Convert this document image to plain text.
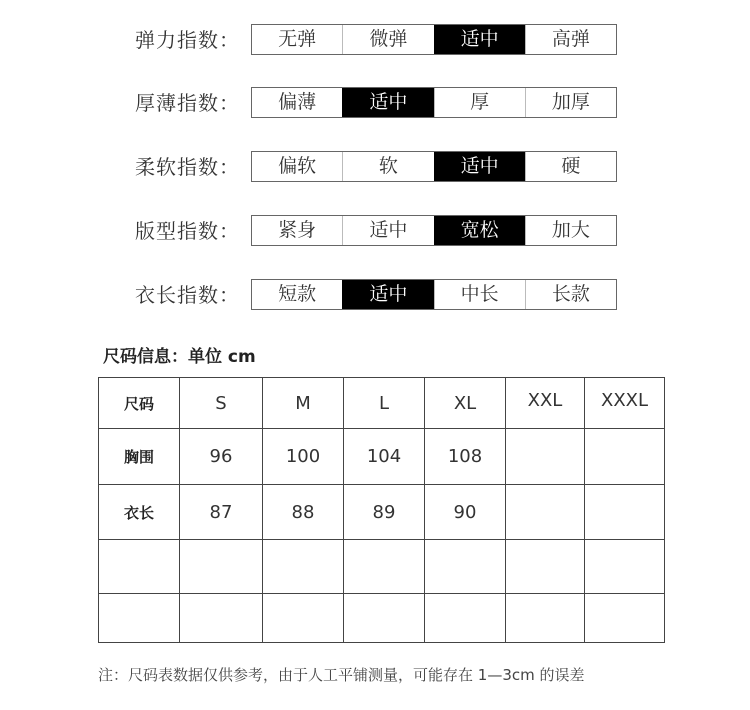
弹力指数：	无弹	微弹	适中	高弹
厚薄指数：	偏薄	适中	厚	加厚
柔软指数：	偏软	软	适中	硬
版型指数：	紧身	适中	宽松	加大
衣长指数：	短款	适中	中长	长款
尺码信息：单位 cm
尺码	S	M	L	XL	XXL	XXXL
胸围	96	100	104	108		
衣长	87	88	89	90		

注：尺码表数据仅供参考，由于人工平铺测量，可能存在 1—3cm 的误差
